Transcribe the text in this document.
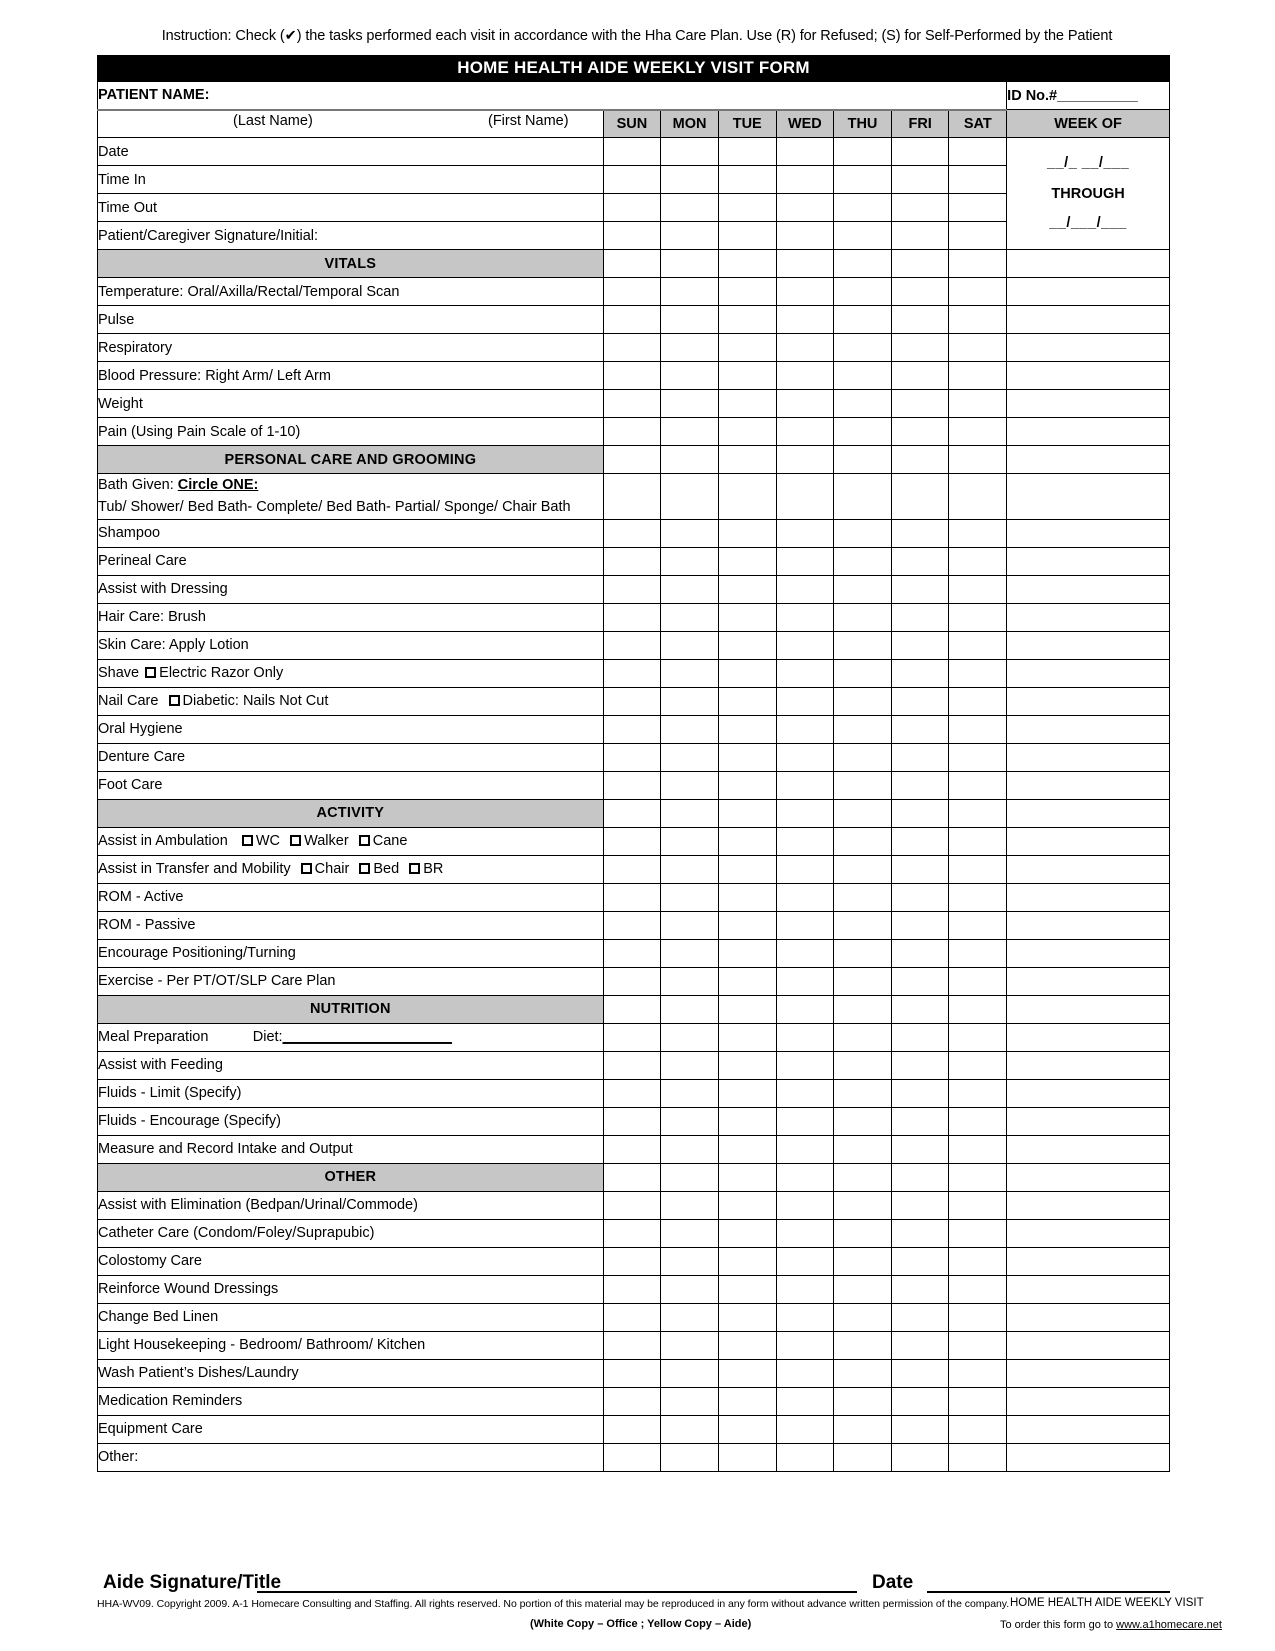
Instruction: Check (✔) the tasks performed each visit in accordance with the Hha Care Plan. Use (R) for Refused; (S) for Self-Performed by the Patient
HOME HEALTH AIDE WEEKLY VISIT FORM
PATIENT NAME:								ID No.#__________

(Last Name) (First Name)	SUN	MON	TUE	WED	THU	FRI	SAT	WEEK OF
Date								__/_ __/___
THROUGH
__/___/___

Time In								
Time Out								
Patient/Caregiver Signature/Initial:								
VITALS								
Temperature: Oral/Axilla/Rectal/Temporal Scan								
Pulse								
Respiratory								
Blood Pressure: Right Arm/ Left Arm								
Weight								
Pain (Using Pain Scale of 1-10)								
PERSONAL CARE AND GROOMING								
Bath Given: Circle ONE:
Tub/ Shower/ Bed Bath- Complete/ Bed Bath- Partial/ Sponge/ Chair Bath								
Shampoo								
Perineal Care								
Assist with Dressing								
Hair Care: Brush								
Skin Care: Apply Lotion								
Shave Electric Razor Only								
Nail Care Diabetic: Nails Not Cut								
Oral Hygiene								
Denture Care								
Foot Care								
ACTIVITY								
Assist in Ambulation WC Walker Cane								
Assist in Transfer and Mobility Chair Bed BR								
ROM - Active								
ROM - Passive								
Encourage Positioning/Turning								
Exercise - Per PT/OT/SLP Care Plan								
NUTRITION								
Meal Preparation Diet:_____________________								
Assist with Feeding								
Fluids - Limit (Specify)								
Fluids - Encourage (Specify)								
Measure and Record Intake and Output								
OTHER								
Assist with Elimination (Bedpan/Urinal/Commode)								
Catheter Care (Condom/Foley/Suprapubic)								
Colostomy Care								
Reinforce Wound Dressings								
Change Bed Linen								
Light Housekeeping - Bedroom/ Bathroom/ Kitchen								
Wash Patient’s Dishes/Laundry								
Medication Reminders								
Equipment Care								
Other:								
Aide Signature/Title	Date
HHA-WV09. Copyright 2009. A-1 Homecare Consulting and Staffing. All rights reserved. No portion of this material may be reproduced in any form without advance written permission of the company. HOME HEALTH AIDE WEEKLY VISIT
(White Copy – Office ; Yellow Copy – Aide)	To order this form go to www.a1homecare.net
